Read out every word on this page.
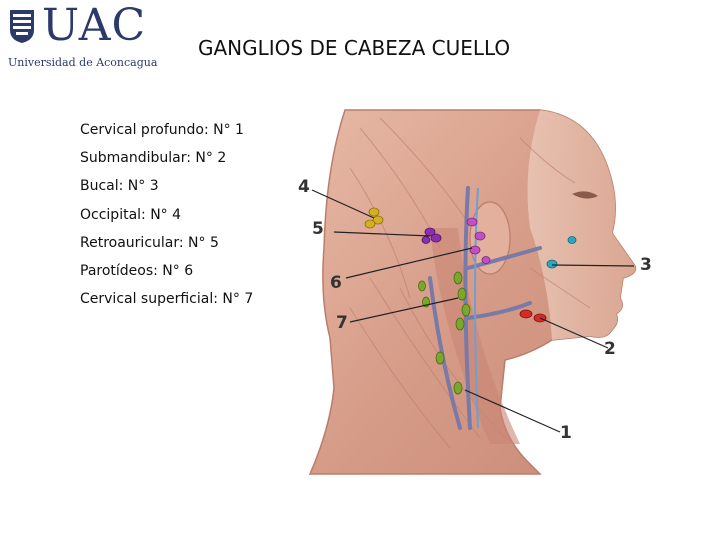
UAC
Universidad de Aconcagua
GANGLIOS DE CABEZA CUELLO
Cervical profundo: N° 1
Submandibular: N° 2
Bucal: N° 3
Occipital: N° 4
Retroauricular: N° 5
Parotídeos: N° 6
Cervical superficial: N° 7
4
5
6
7
3
2
1
